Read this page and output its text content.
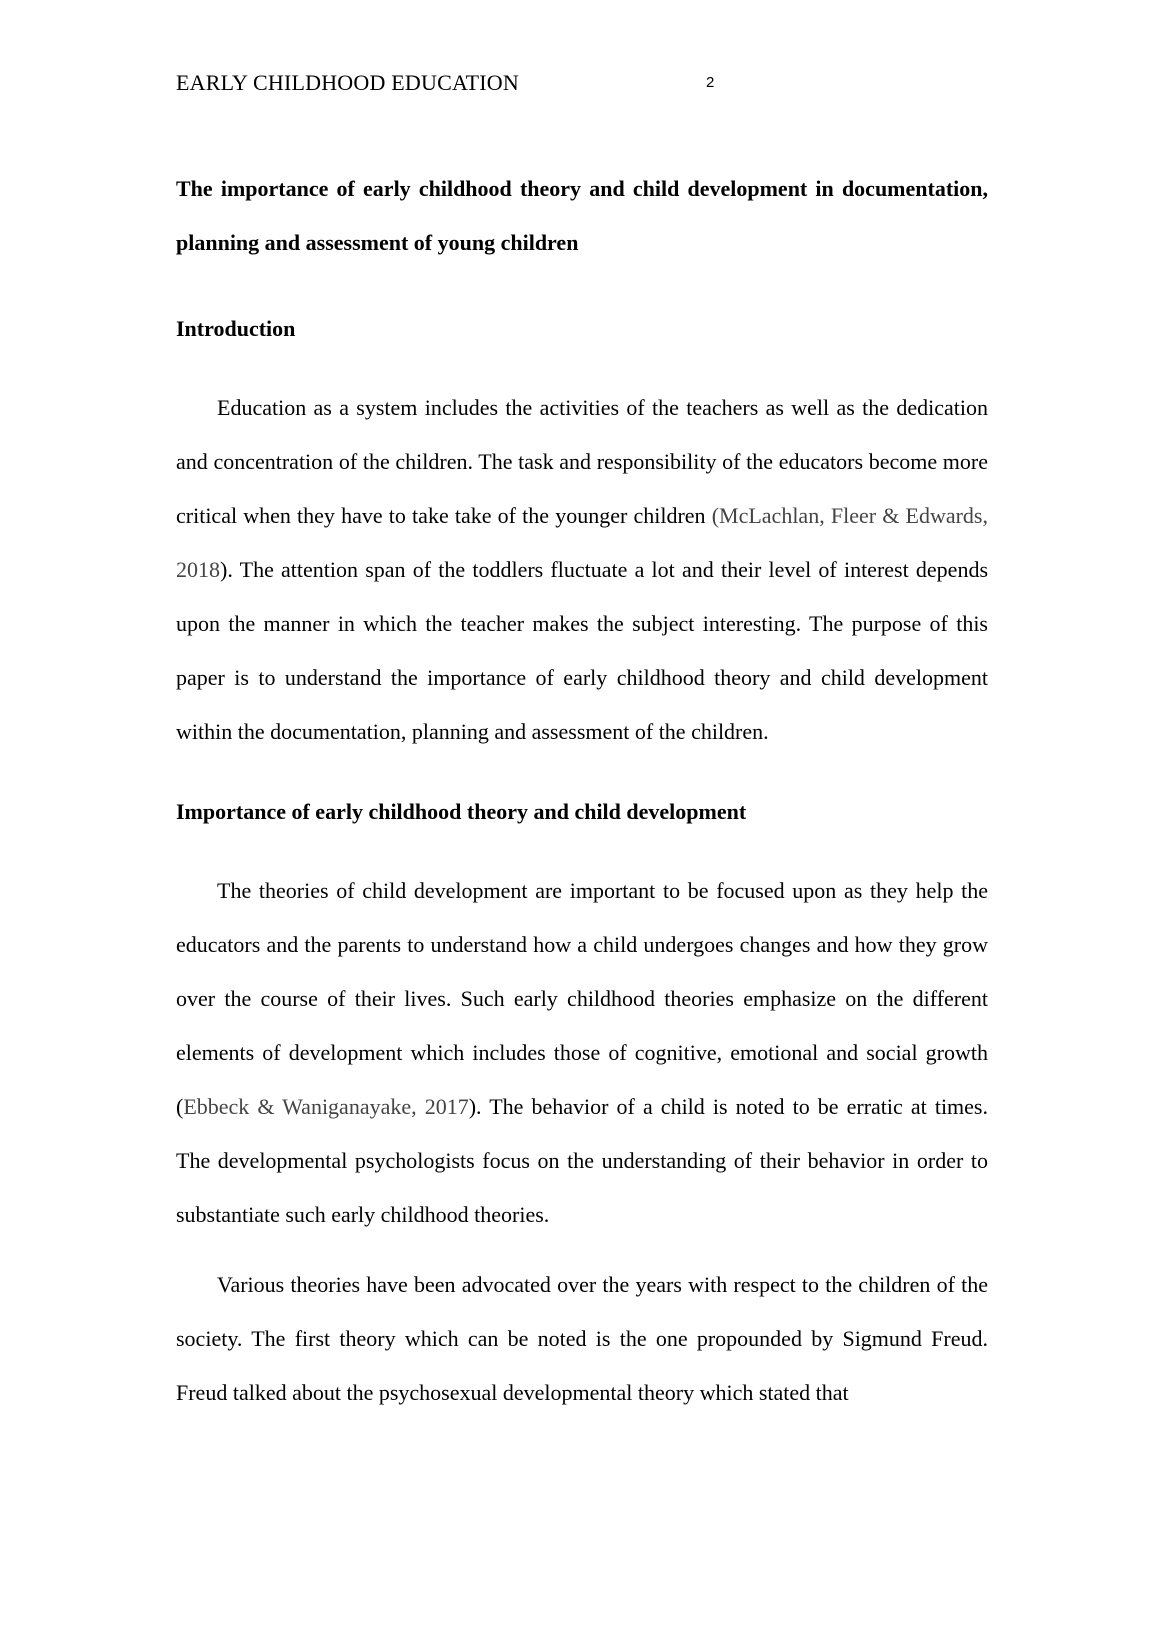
EARLY CHILDHOOD EDUCATION	2

The importance of early childhood theory and child development in documentation, planning and assessment of young children

Introduction

Education as a system includes the activities of the teachers as well as the dedication and concentration of the children. The task and responsibility of the educators become more critical when they have to take take of the younger children (McLachlan, Fleer & Edwards, 2018). The attention span of the toddlers fluctuate a lot and their level of interest depends upon the manner in which the teacher makes the subject interesting. The purpose of this paper is to understand the importance of early childhood theory and child development within the documentation, planning and assessment of the children.

Importance of early childhood theory and child development

The theories of child development are important to be focused upon as they help the educators and the parents to understand how a child undergoes changes and how they grow over the course of their lives. Such early childhood theories emphasize on the different elements of development which includes those of cognitive, emotional and social growth (Ebbeck & Waniganayake, 2017). The behavior of a child is noted to be erratic at times. The developmental psychologists focus on the understanding of their behavior in order to substantiate such early childhood theories.

Various theories have been advocated over the years with respect to the children of the society. The first theory which can be noted is the one propounded by Sigmund Freud. Freud talked about the psychosexual developmental theory which stated that
